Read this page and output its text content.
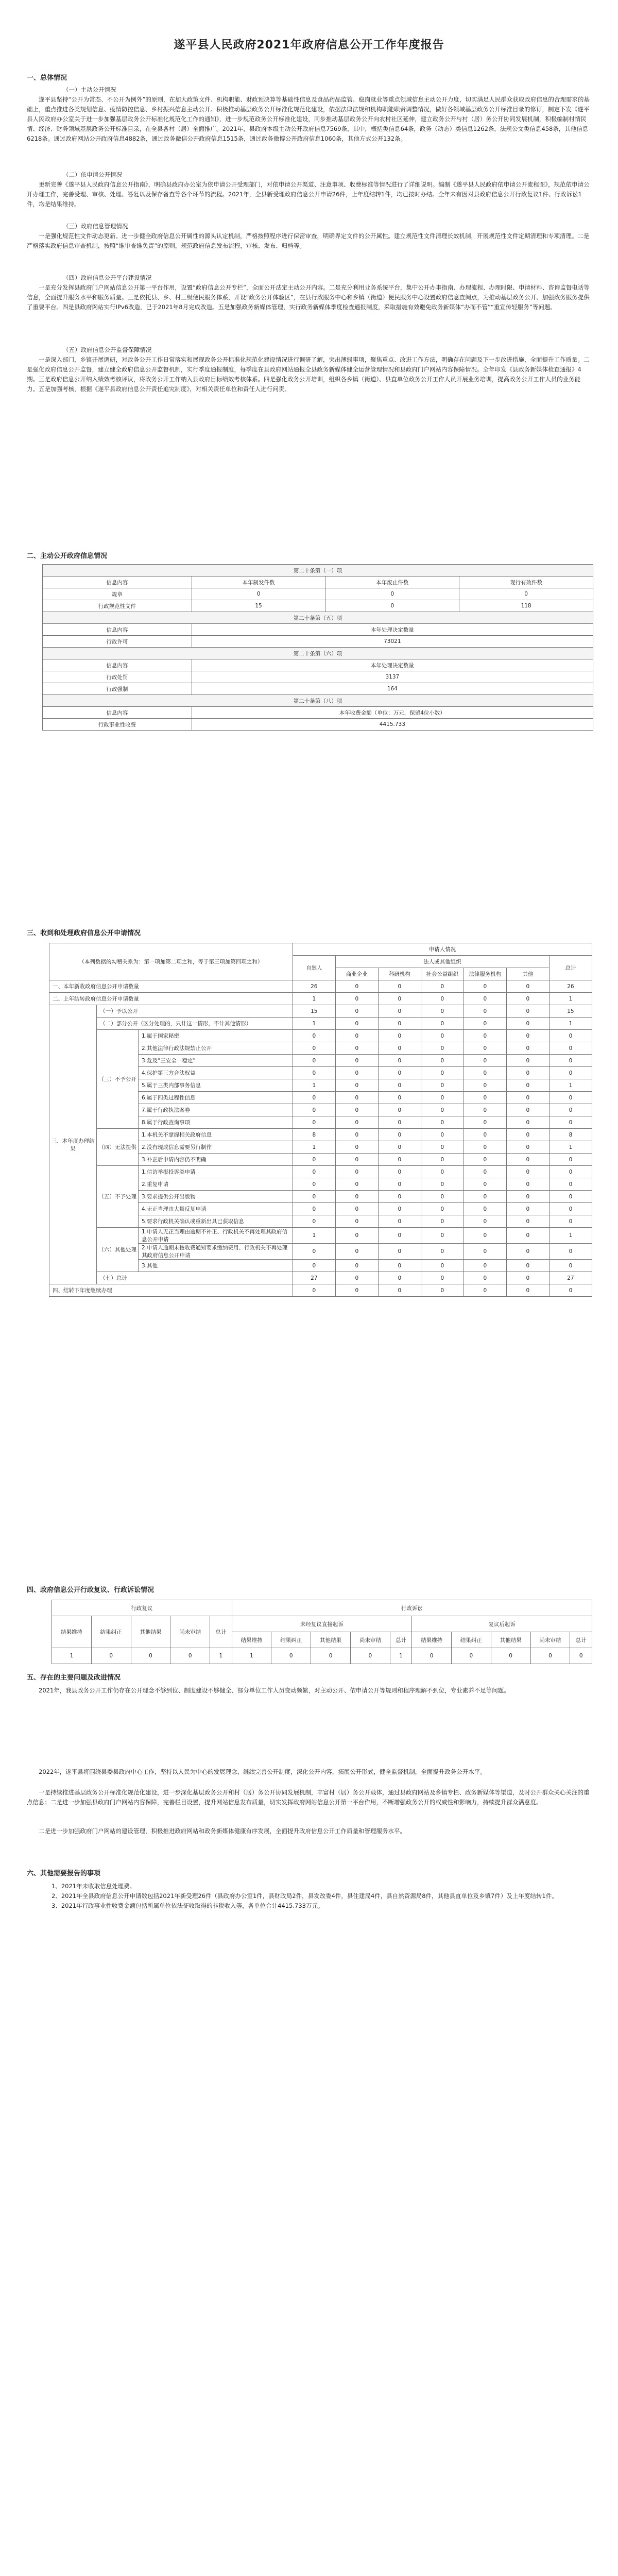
遂平县人民政府2021年政府信息公开工作年度报告
一、总体情况

（一）主动公开情况

遂平县坚持“公开为常态、不公开为例外”的原则，在加大政策文件、机构职能、财政预决算等基础性信息及食品药品监管、稳岗就业等重点领域信息主动公开力度，切实满足人民群众获取政府信息的合理需求的基础上，重点推进各类规划信息、疫情防控信息、乡村振兴信息主动公开。积极推动基层政务公开标准化规范化建设，依据法律法规和机构职能职责调整情况，做好各领域基层政务公开标准目录的修订，制定下发《遂平县人民政府办公室关于进一步加强基层政务公开标准化规范化工作的通知》，进一步规范政务公开标准化建设，同步推动基层政务公开向农村社区延伸，建立政务公开与村（居）务公开协同发展机制，积极编制村情民情、经济、财务领域基层政务公开标准目录，在全县各村（居）全面推广。2021年，县政府本级主动公开政府信息7569条，其中，概括类信息64条，政务（动态）类信息1262条，法规公文类信息458条，其他信息6218条。通过政府网站公开政府信息4882条，通过政务微信公开政府信息1515条，通过政务微博公开政府信息1060条，其他方式公开132条。

（二）依申请公开情况

更新完善《遂平县人民政府信息公开指南》，明确县政府办公室为依申请公开受理部门，对依申请公开渠道、注意事项、收费标准等情况进行了详细说明。编制《遂平县人民政府依申请公开流程图》，规范依申请公开办理工作，完善受理、审核、处理、答复以及保存备查等各个环节的流程。2021年，全县新受理政府信息公开申请26件，上年度结转1件，均已按时办结。全年未有因对县政府信息公开行政复议1件、行政诉讼1件，均是结果维持。

（三）政府信息管理情况

一是强化规范性文件动态更新。进一步健全政府信息公开属性的源头认定机制，严格按照程序进行保密审查，明确界定文件的公开属性。建立规范性文件清理长效机制，开展规范性文件定期清理和专项清理。二是严格落实政府信息审查机制，按照“谁审查谁负责”的原则，规范政府信息发布流程，审核、发布、归档等。

（四）政府信息公开平台建设情况

一是充分发挥县政府门户网站信息公开第一平台作用，设置“政府信息公开专栏”，全面公开法定主动公开内容。二是充分利用业务系统平台，集中公开办事指南、办理流程、办理时限、申请材料、咨询监督电话等信息，全面提升服务水平和服务质量。三是依托县、乡、村三级便民服务体系，开设“政务公开体验区”，在县行政服务中心和乡镇（街道）便民服务中心设置政府信息查阅点，为推动基层政务公开、加强政务服务提供了重要平台。四是县政府网站实行IPv6改造，已于2021年8月完成改造。五是加强政务新媒体管理，实行政务新媒体季度检查通报制度，采取措施有效避免政务新媒体“办而不管”“重宣传轻服务”等问题。

（五）政府信息公开监督保障情况

一是深入部门，乡镇开展调研，对政务公开工作日常落实和展现政务公开标准化规范化建设情况进行调研了解，突出薄弱事项，聚焦重点、改进工作方法，明确存在问题及下一步改进措施，全面提升工作质量。二是强化政府信息公开监督，建立健全政府信息公开监督机制，实行季度通报制度，每季度在县政府网站通报全县政务新媒体健全运营管理情况和县政府门户网站内容保障情况。全年印发《县政务新媒体检查通报》4期。三是政府信息公开纳入绩效考核评议，将政务公开工作纳入县政府目标绩效考核体系。四是强化政务公开培训，组织各乡镇（街道）、县直单位政务公开工作人员开展业务培训，提高政务公开工作人员的业务能力。五是加强考核，根据《遂平县政府信息公开责任追究制度》，对相关责任单位和责任人进行问责。

二、主动公开政府信息情况
第二十条第（一）项			
信息内容	本年制发件数	本年废止件数	现行有效件数
规章	0	0	0
行政规范性文件	15	0	118
第二十条第（五）项			
信息内容	本年处理决定数量		
行政许可	73021		
第二十条第（六）项			
信息内容	本年处理决定数量		
行政处罚	3137		
行政强制	164		
第二十条第（八）项			
信息内容	本年收费金额（单位：万元，保留4位小数）		
行政事业性收费	4415.733		
三、收到和处理政府信息公开申请情况
（本列数据的勾稽关系为：第一项加第二项之和，等于第三项加第四项之和）			申请人情况						
			自然人	法人或其他组织					总计
				商业企业	科研机构	社会公益组织	法律服务机构	其他	
一、本年新收政府信息公开申请数量			26	0	0	0	0	0	26
二、上年结转政府信息公开申请数量			1	0	0	0	0	0	1
三、本年度办理结果	（一）予以公开		15	0	0	0	0	0	15
	（二）部分公开（区分处理的，只计这一情形，不计其他情形）		1	0	0	0	0	0	1
	（三）不予公开	1.属于国家秘密	0	0	0	0	0	0	0
		2.其他法律行政法规禁止公开	0	0	0	0	0	0	0
		3.危及“三安全一稳定”	0	0	0	0	0	0	0
		4.保护第三方合法权益	0	0	0	0	0	0	0
		5.属于三类内部事务信息	1	0	0	0	0	0	1
		6.属于四类过程性信息	0	0	0	0	0	0	0
		7.属于行政执法案卷	0	0	0	0	0	0	0
		8.属于行政查询事项	0	0	0	0	0	0	0
	（四）无法提供	1.本机关不掌握相关政府信息	8	0	0	0	0	0	8
		2.没有现成信息需要另行制作	1	0	0	0	0	0	1
		3.补正后申请内容仍不明确	0	0	0	0	0	0	0
	（五）不予处理	1.信访举报投诉类申请	0	0	0	0	0	0	0
		2.重复申请	0	0	0	0	0	0	0
		3.要求提供公开出版物	0	0	0	0	0	0	0
		4.无正当理由大量反复申请	0	0	0	0	0	0	0
		5.要求行政机关确认或重新出具已获取信息	0	0	0	0	0	0	0
	（六）其他处理	1.申请人无正当理由逾期不补正、行政机关不再处理其政府信息公开申请	1	0	0	0	0	0	1
		2.申请人逾期未按收费通知要求缴纳费用、行政机关不再处理其政府信息公开申请	0	0	0	0	0	0	0
		3.其他	0	0	0	0	0	0	0
	（七）总计		27	0	0	0	0	0	27
四、结转下年度继续办理			0	0	0	0	0	0	0
四、政府信息公开行政复议、行政诉讼情况
行政复议					行政诉讼									
结果维持	结果纠正	其他结果	尚未审结	总计	未经复议直接起诉					复议后起诉				
					结果维持	结果纠正	其他结果	尚未审结	总计	结果维持	结果纠正	其他结果	尚未审结	总计
1	0	0	0	1	1	0	0	0	1	0	0	0	0	0
五、存在的主要问题及改进情况

2021年，我县政务公开工作仍存在公开理念不够到位、制度建设不够健全、部分单位工作人员变动频繁，对主动公开、依申请公开等规则和程序理解不到位，专业素养不足等问题。

2022年，遂平县将围绕县委县政府中心工作，坚持以人民为中心的发展理念，继续完善公开制度，深化公开内容，拓展公开形式，健全监督机制，全面提升政务公开水平。

一是持续推进基层政务公开标准化规范化建设，进一步深化基层政务公开和村（居）务公开协同发展机制，丰富村（居）务公开载体，通过县政府网站及乡镇专栏、政务新媒体等渠道，及时公开群众关心关注的重点信息；二是进一步加强县政府门户网站内容保障，完善栏目设置，提升网站信息发布质量，切实发挥政府网站信息公开第一平台作用，不断增强政务公开的权威性和影响力，持续提升群众满意度。

二是进一步加强政府门户网站的建设管理，积极推进政府网站和政务新媒体健康有序发展，全面提升政府信息公开工作质量和管理服务水平。

六、其他需要报告的事项
1、2021年未收取信息处理费。
2、2021年全县政府信息公开申请数包括2021年新受理26件（县政府办公室1件，县财政局2件，县发改委4件，县住建局4件，县自然资源局8件，其他县直单位及乡镇7件）及上年度结转1件。
3、2021年行政事业性收费金额包括所属单位依法征收取得的非税收入等，各单位合计4415.733万元。
